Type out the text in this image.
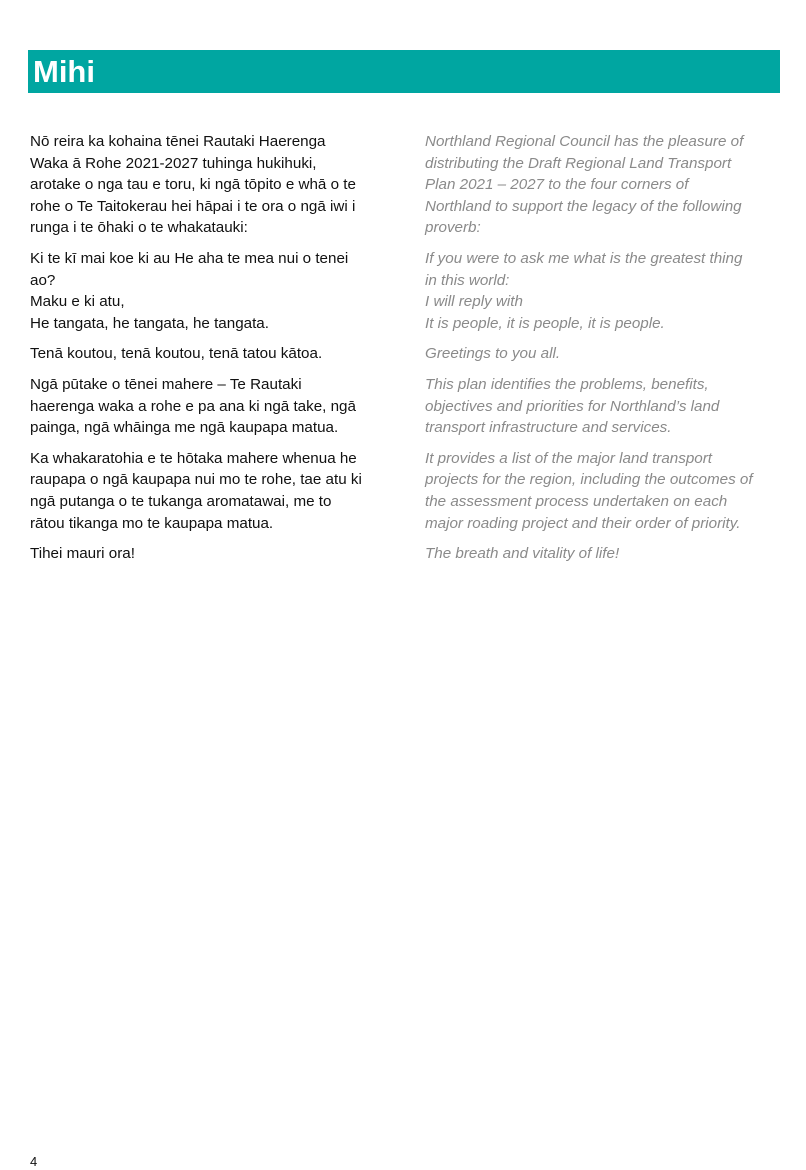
Mihi

Nō reira ka kohaina tēnei Rautaki Haerenga
Waka ā Rohe 2021-2027 tuhinga hukihuki,
arotake o nga tau e toru, ki ngā tōpito e whā o te
rohe o Te Taitokerau hei hāpai i te ora o ngā iwi i
runga i te ōhaki o te whakatauki:

Ki te kī mai koe ki au He aha te mea nui o tenei
ao?
Maku e ki atu,
He tangata, he tangata, he tangata.

Tenā koutou, tenā koutou, tenā tatou kātoa.

Ngā pūtake o tēnei mahere – Te Rautaki
haerenga waka a rohe e pa ana ki ngā take, ngā
painga, ngā whāinga me ngā kaupapa matua.

Ka whakaratohia e te hōtaka mahere whenua he
raupapa o ngā kaupapa nui mo te rohe, tae atu ki
ngā putanga o te tukanga aromatawai, me to
rātou tikanga mo te kaupapa matua.

Tihei mauri ora!

Northland Regional Council has the pleasure of
distributing the Draft Regional Land Transport
Plan 2021 – 2027 to the four corners of
Northland to support the legacy of the following
proverb:

If you were to ask me what is the greatest thing
in this world:
I will reply with
It is people, it is people, it is people.

Greetings to you all.

This plan identifies the problems, benefits,
objectives and priorities for Northland’s land
transport infrastructure and services.

It provides a list of the major land transport
projects for the region, including the outcomes of
the assessment process undertaken on each
major roading project and their order of priority.

The breath and vitality of life!

4
